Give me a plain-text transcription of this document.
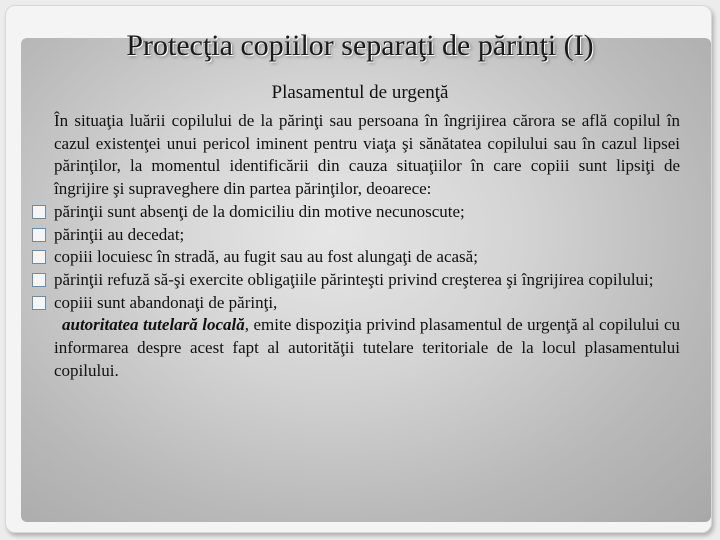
Protecţia copiilor separaţi de părinţi (I)
Plasamentul de urgenţă
În situaţia luării copilului de la părinţi sau persoana în îngrijirea cărora se află copilul în cazul existenţei unui pericol iminent pentru viaţa şi sănătatea copilului sau în cazul lipsei părinţilor, la momentul identificării din cauza situaţiilor în care copiii sunt lipsiţi de îngrijire şi supraveghere din partea părinţilor, deoarece:
părinţii sunt absenţi de la domiciliu din motive necunoscute;
părinţii au decedat;
copiii locuiesc în stradă, au fugit sau au fost alungaţi de acasă;
părinţii refuză să-şi exercite obligaţiile părinteşti privind creşterea şi îngrijirea copilului;
copiii sunt abandonaţi de părinţi,
autoritatea tutelară locală, emite dispoziţia privind plasamentul de urgenţă al copilului cu informarea despre acest fapt al autorităţii tutelare teritoriale de la locul plasamentului copilului.
